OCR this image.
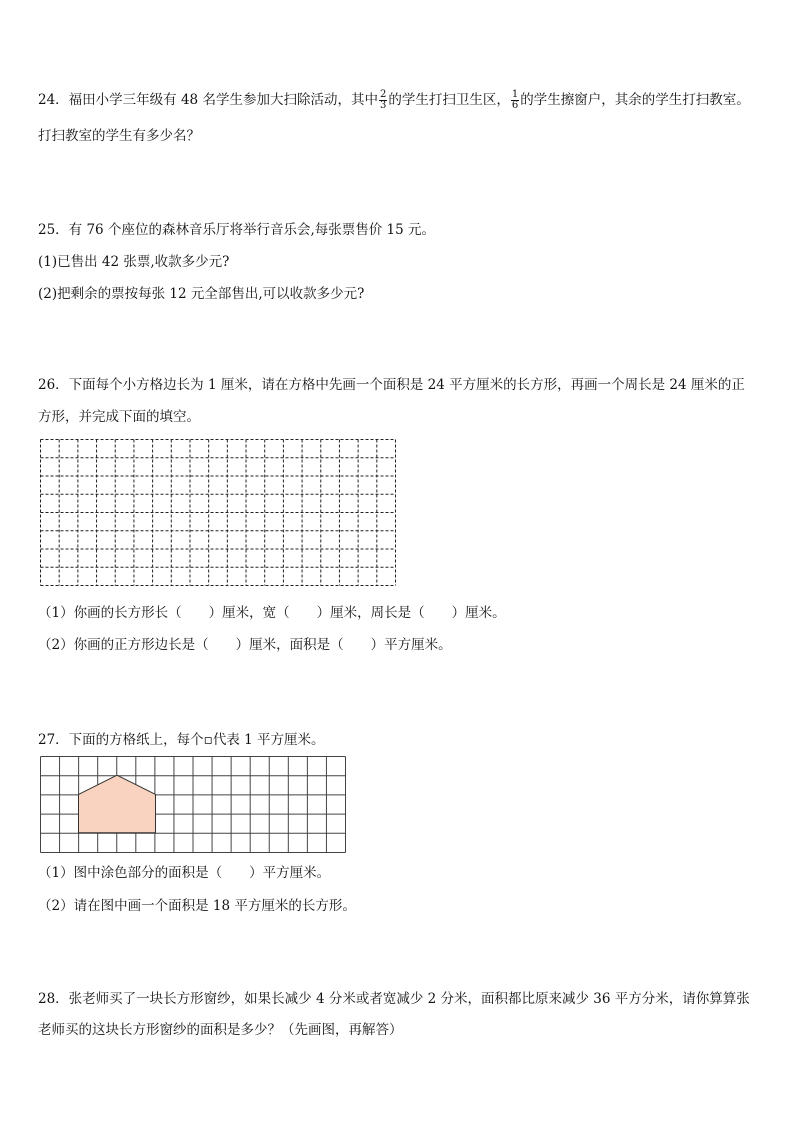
24．福田小学三年级有 48 名学生参加大扫除活动，其中 $\frac{2}{3}$ 的学生打扫卫生区， $\frac{1}{6}$ 的学生擦窗户，其余的学生打扫教室。
打扫教室的学生有多少名？
25．有 76 个座位的森林音乐厅将举行音乐会,每张票售价 15 元。
(1)已售出 42 张票,收款多少元?
(2)把剩余的票按每张 12 元全部售出,可以收款多少元?
26．下面每个小方格边长为 1 厘米，请在方格中先画一个面积是 24 平方厘米的长方形，再画一个周长是 24 厘米的正
方形，并完成下面的填空。
（1）你画的长方形长（　　）厘米，宽（　　）厘米，周长是（　　）厘米。
（2）你画的正方形边长是（　　）厘米，面积是（　　）平方厘米。
27．下面的方格纸上，每个▫代表 1 平方厘米。
（1）图中涂色部分的面积是（　　）平方厘米。
（2）请在图中画一个面积是 18 平方厘米的长方形。
28．张老师买了一块长方形窗纱，如果长减少 4 分米或者宽减少 2 分米，面积都比原来减少 36 平方分米，请你算算张
老师买的这块长方形窗纱的面积是多少？（先画图，再解答）
